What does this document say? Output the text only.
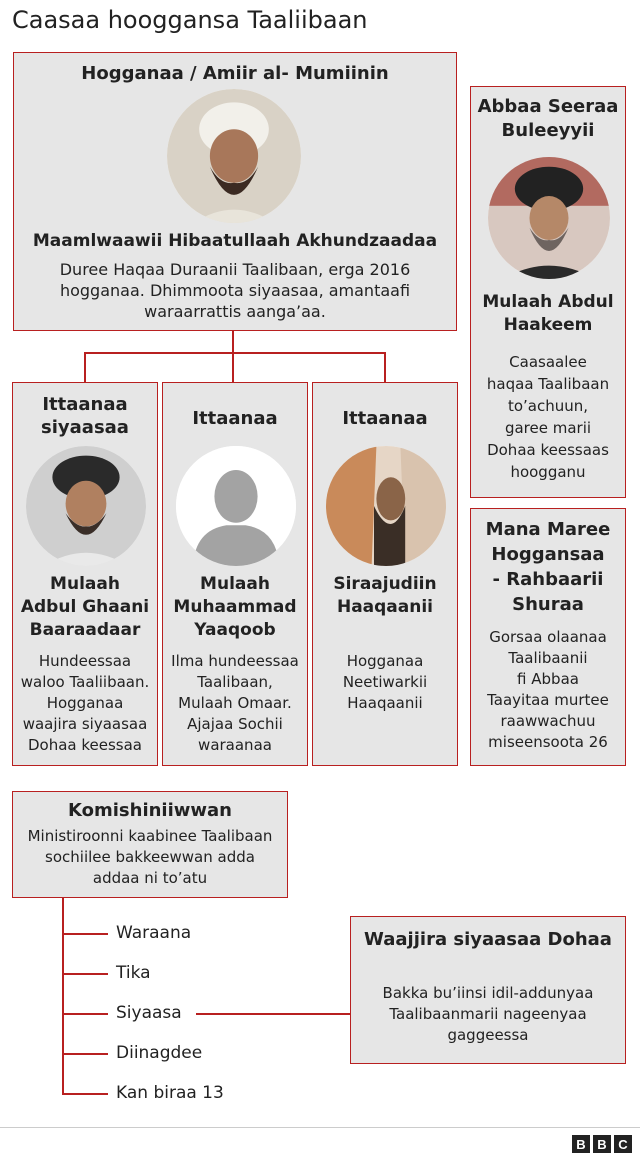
Caasaa hooggansa Taaliibaan
Hogganaa / Amiir al- Mumiinin
Maamlwaawii Hibaatullaah Akhundzaadaa
Duree Haqaa Duraanii Taalibaan, erga 2016
hogganaa. Dhimmoota siyaasaa, amantaafi
waraarrattis aanga’aa.
Ittaanaa
siyaasaa
Mulaah
Adbul Ghaani
Baaraadaar
Hundeessaa
waloo Taaliibaan.
Hogganaa
waajira siyaasaa
Dohaa keessaa
Ittaanaa
Mulaah
Muhaammad
Yaaqoob
Ilma hundeessaa
Taalibaan,
Mulaah Omaar.
Ajajaa Sochii
waraanaa
Ittaanaa
Siraajudiin
Haaqaanii
Hogganaa
Neetiwarkii
Haaqaanii
Abbaa Seeraa
Buleeyyii
Mulaah Abdul
Haakeem
Caasaalee
haqaa Taalibaan
to’achuun,
garee marii
Dohaa keessaas
hoogganu
Mana Maree
Hoggansaa
- Rahbaarii
Shuraa
Gorsaa olaanaa
Taalibaanii
fi Abbaa
Taayitaa murtee
raawwachuu
miseensoota 26
Komishiniiwwan
Ministiroonni kaabinee Taalibaan
sochiilee bakkeewwan adda
addaa ni to’atu
Waraana
Tika
Siyaasa
Diinagdee
Kan biraa 13
Waajjira siyaasaa Dohaa
Bakka bu’iinsi idil-addunyaa
Taalibaanmarii nageenyaa
gaggeessa
B B C
